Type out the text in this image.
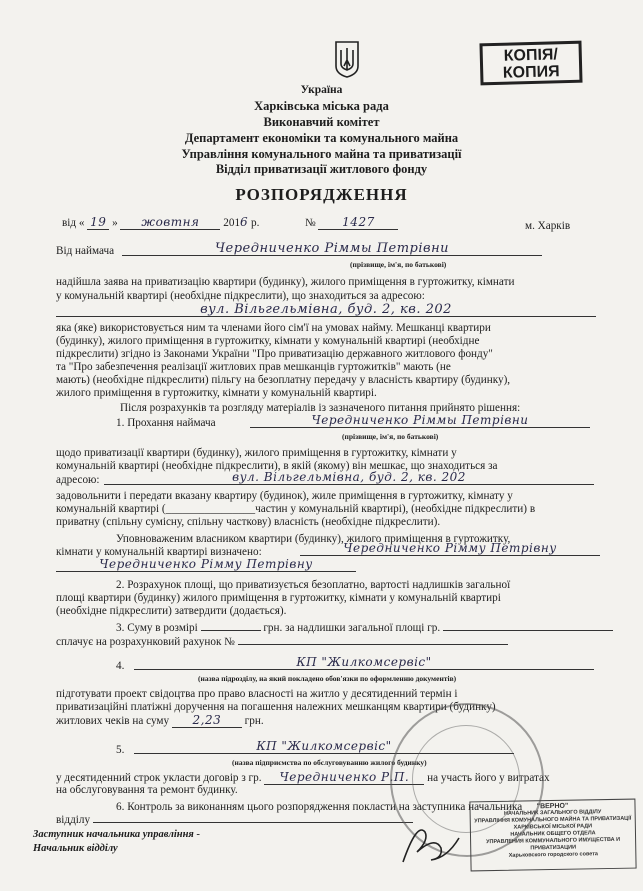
КОПІЯ/
КОПИЯ
Україна
Харківська міська рада
Виконавчий комітет
Департамент економіки та комунального майна
Управління комунального майна та приватизації
Відділ приватизації житлового фонду
РОЗПОРЯДЖЕННЯ
від « 19 » жовтня 2016 р.	№ 1427	м. Харків
Від наймача	Чередниченко Ріммы Петрівни
(прізвище, ім'я, по батькові)
надійшла заява на приватизацію квартири (будинку), жилого приміщення в гуртожитку, кімнати
у комунальній квартирі (необхідне підкреслити), що знаходиться за адресою:
вул. Вільгельмівна, буд. 2, кв. 202
яка (яке) використовується ним та членами його сім'ї на умовах найму. Мешканці квартири
(будинку), жилого приміщення в гуртожитку, кімнати у комунальній квартирі (необхідне
підкреслити) згідно із Законами України "Про приватизацію державного житлового фонду"
та "Про забезпечення реалізації житлових прав мешканців гуртожитків" мають (не
мають) (необхідне підкреслити) пільгу на безоплатну передачу у власність квартиру (будинку),
жилого приміщення в гуртожитку, кімнати у комунальній квартирі.
Після розрахунків та розгляду матеріалів із зазначеного питання прийнято рішення:
1. Прохання наймача	Чередниченко Ріммы Петрівни
(прізвище, ім'я, по батькові)
щодо приватизації квартири (будинку), жилого приміщення в гуртожитку, кімнати у
комунальній квартирі (необхідне підкреслити), в якій (якому) він мешкає, що знаходиться за
адресою:	вул. Вільгельмівна, буд. 2, кв. 202
задовольнити і передати вказану квартиру (будинок), жиле приміщення в гуртожитку, кімнату у
комунальній квартирі (________________частин у комунальній квартирі), (необхідне підкреслити) в
приватну (спільну сумісну, спільну часткову) власність (необхідне підкреслити).
Уповноваженим власником квартири (будинку), жилого приміщення в гуртожитку,
кімнати у комунальній квартирі визначено:	Чередниченко Рімму Петрівну
Чередниченко Рімму Петрівну
2. Розрахунок площі, що приватизується безоплатно, вартості надлишків загальної
площі квартири (будинку) жилого приміщення в гуртожитку, кімнати у комунальній квартирі
(необхідне підкреслити) затвердити (додається).
3. Суму в розмірі	грн. за надлишки загальної площі гр.
сплачує на розрахунковий рахунок №
4.	КП "Жилкомсервіс"
(назва підрозділу, на який покладено обов'язки по оформленню документів)
підготувати проект свідоцтва про право власності на житло у десятиденний термін і
приватизаційні платіжні доручення на погашення належних мешканцям квартири (будинку)
житлових чеків на суму 2,23 грн.
5.	КП "Жилкомсервіс"
(назва підприємства по обслуговуванню жилого будинку)
у десятиденний строк укласти договір з гр. Чередниченко Р.П. на участь його у витратах
на обслуговування та ремонт будинку.
6. Контроль за виконанням цього розпорядження покласти на заступника начальника
відділу
"ВЕРНО"
НАЧАЛЬНИК ЗАГАЛЬНОГО ВІДДІЛУ
УПРАВЛІННЯ КОМУНАЛЬНОГО МАЙНА ТА ПРИВАТИЗАЦІЇ
ХАРКІВСЬКОЇ МІСЬКОЇ РАДИ
НАЧАЛЬНИК ОБЩЕГО ОТДЕЛА
УПРАВЛЕНИЯ КОММУНАЛЬНОГО ИМУЩЕСТВА И ПРИВАТИЗАЦИИ
Харьковского городского совета
Заступник начальника управління -
Начальник відділу
